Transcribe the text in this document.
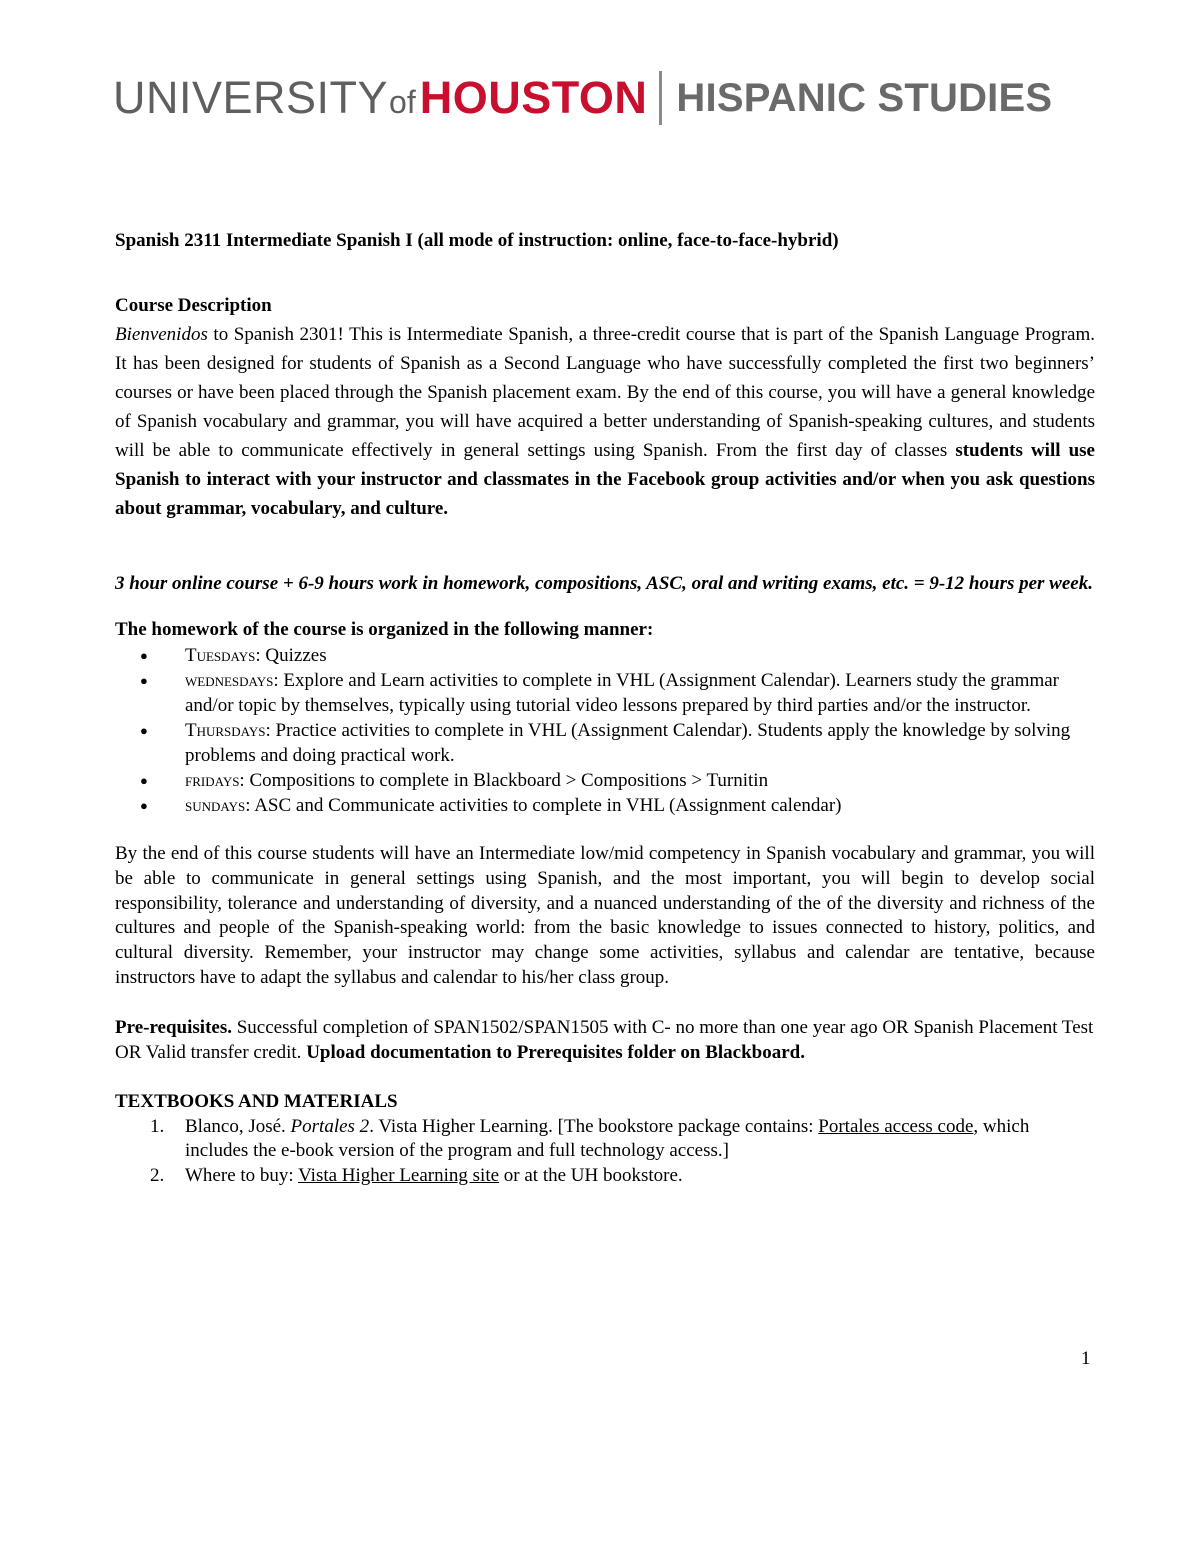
UNIVERSITY of HOUSTON HISPANIC STUDIES

Spanish 2311 Intermediate Spanish I (all mode of instruction: online, face-to-face-hybrid)

Course Description

Bienvenidos to Spanish 2301! This is Intermediate Spanish, a three-credit course that is part of the Spanish Language Program. It has been designed for students of Spanish as a Second Language who have successfully completed the first two beginners’ courses or have been placed through the Spanish placement exam. By the end of this course, you will have a general knowledge of Spanish vocabulary and grammar, you will have acquired a better understanding of Spanish-speaking cultures, and students will be able to communicate effectively in general settings using Spanish. From the first day of classes students will use Spanish to interact with your instructor and classmates in the Facebook group activities and/or when you ask questions about grammar, vocabulary, and culture.

3 hour online course + 6-9 hours work in homework, compositions, ASC, oral and writing exams, etc. = 9-12 hours per week.

The homework of the course is organized in the following manner:

● Tuesdays: Quizzes
● wednesdays: Explore and Learn activities to complete in VHL (Assignment Calendar). Learners study the grammar and/or topic by themselves, typically using tutorial video lessons prepared by third parties and/or the instructor.
● Thursdays: Practice activities to complete in VHL (Assignment Calendar). Students apply the knowledge by solving problems and doing practical work.
● fridays: Compositions to complete in Blackboard > Compositions > Turnitin
● sundays: ASC and Communicate activities to complete in VHL (Assignment calendar)

By the end of this course students will have an Intermediate low/mid competency in Spanish vocabulary and grammar, you will be able to communicate in general settings using Spanish, and the most important, you will begin to develop social responsibility, tolerance and understanding of diversity, and a nuanced understanding of the of the diversity and richness of the cultures and people of the Spanish-speaking world: from the basic knowledge to issues connected to history, politics, and cultural diversity. Remember, your instructor may change some activities, syllabus and calendar are tentative, because instructors have to adapt the syllabus and calendar to his/her class group.

Pre-requisites. Successful completion of SPAN1502/SPAN1505 with C- no more than one year ago OR Spanish Placement Test OR Valid transfer credit. Upload documentation to Prerequisites folder on Blackboard.

TEXTBOOKS AND MATERIALS

1. Blanco, José. Portales 2. Vista Higher Learning. [The bookstore package contains: Portales access code, which includes the e-book version of the program and full technology access.]
2. Where to buy: Vista Higher Learning site or at the UH bookstore.
1
